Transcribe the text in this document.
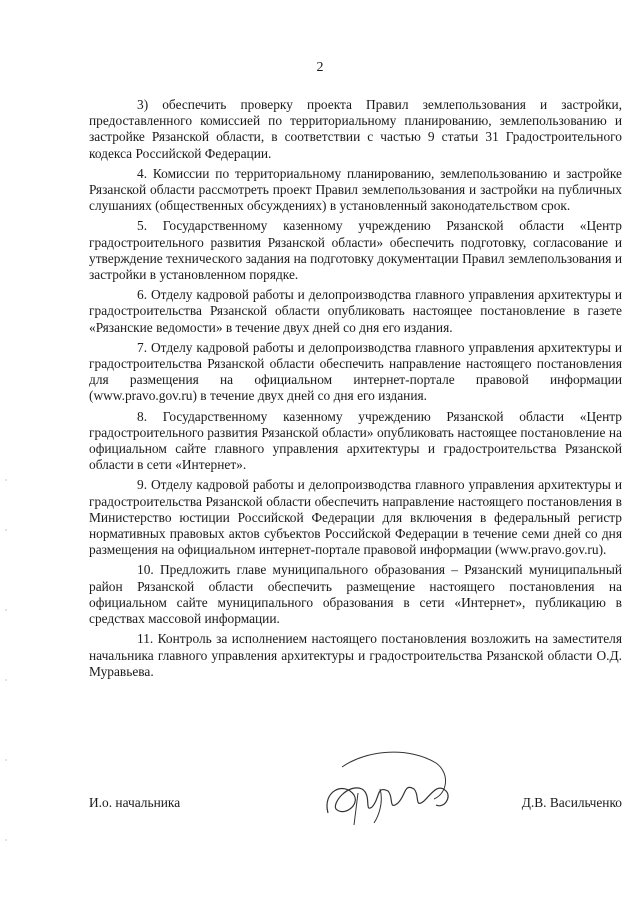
2

3) обеспечить проверку проекта Правил землепользования и застройки, предоставленного комиссией по территориальному планированию, землепользованию и застройке Рязанской области, в соответствии с частью 9 статьи 31 Градостроительного кодекса Российской Федерации.

4. Комиссии по территориальному планированию, землепользованию и застройке Рязанской области рассмотреть проект Правил землепользования и застройки на публичных слушаниях (общественных обсуждениях) в установленный законодательством срок.

5. Государственному казенному учреждению Рязанской области «Центр градостроительного развития Рязанской области» обеспечить подготовку, согласование и утверждение технического задания на подготовку документации Правил землепользования и застройки в установленном порядке.

6. Отделу кадровой работы и делопроизводства главного управления архитектуры и градостроительства Рязанской области опубликовать настоящее постановление в газете «Рязанские ведомости» в течение двух дней со дня его издания.

7. Отделу кадровой работы и делопроизводства главного управления архитектуры и градостроительства Рязанской области обеспечить направление настоящего постановления для размещения на официальном интернет-портале правовой информации (www.pravo.gov.ru) в течение двух дней со дня его издания.

8. Государственному казенному учреждению Рязанской области «Центр градостроительного развития Рязанской области» опубликовать настоящее постановление на официальном сайте главного управления архитектуры и градостроительства Рязанской области в сети «Интернет».

9. Отделу кадровой работы и делопроизводства главного управления архитектуры и градостроительства Рязанской области обеспечить направление настоящего постановления в Министерство юстиции Российской Федерации для включения в федеральный регистр нормативных правовых актов субъектов Российской Федерации в течение семи дней со дня размещения на официальном интернет-портале правовой информации (www.pravo.gov.ru).

10. Предложить главе муниципального образования – Рязанский муниципальный район Рязанской области обеспечить размещение настоящего постановления на официальном сайте муниципального образования в сети «Интернет», публикацию в средствах массовой информации.

11. Контроль за исполнением настоящего постановления возложить на заместителя начальника главного управления архитектуры и градостроительства Рязанской области О.Д. Муравьева.

И.о. начальника	Д.В. Васильченко
